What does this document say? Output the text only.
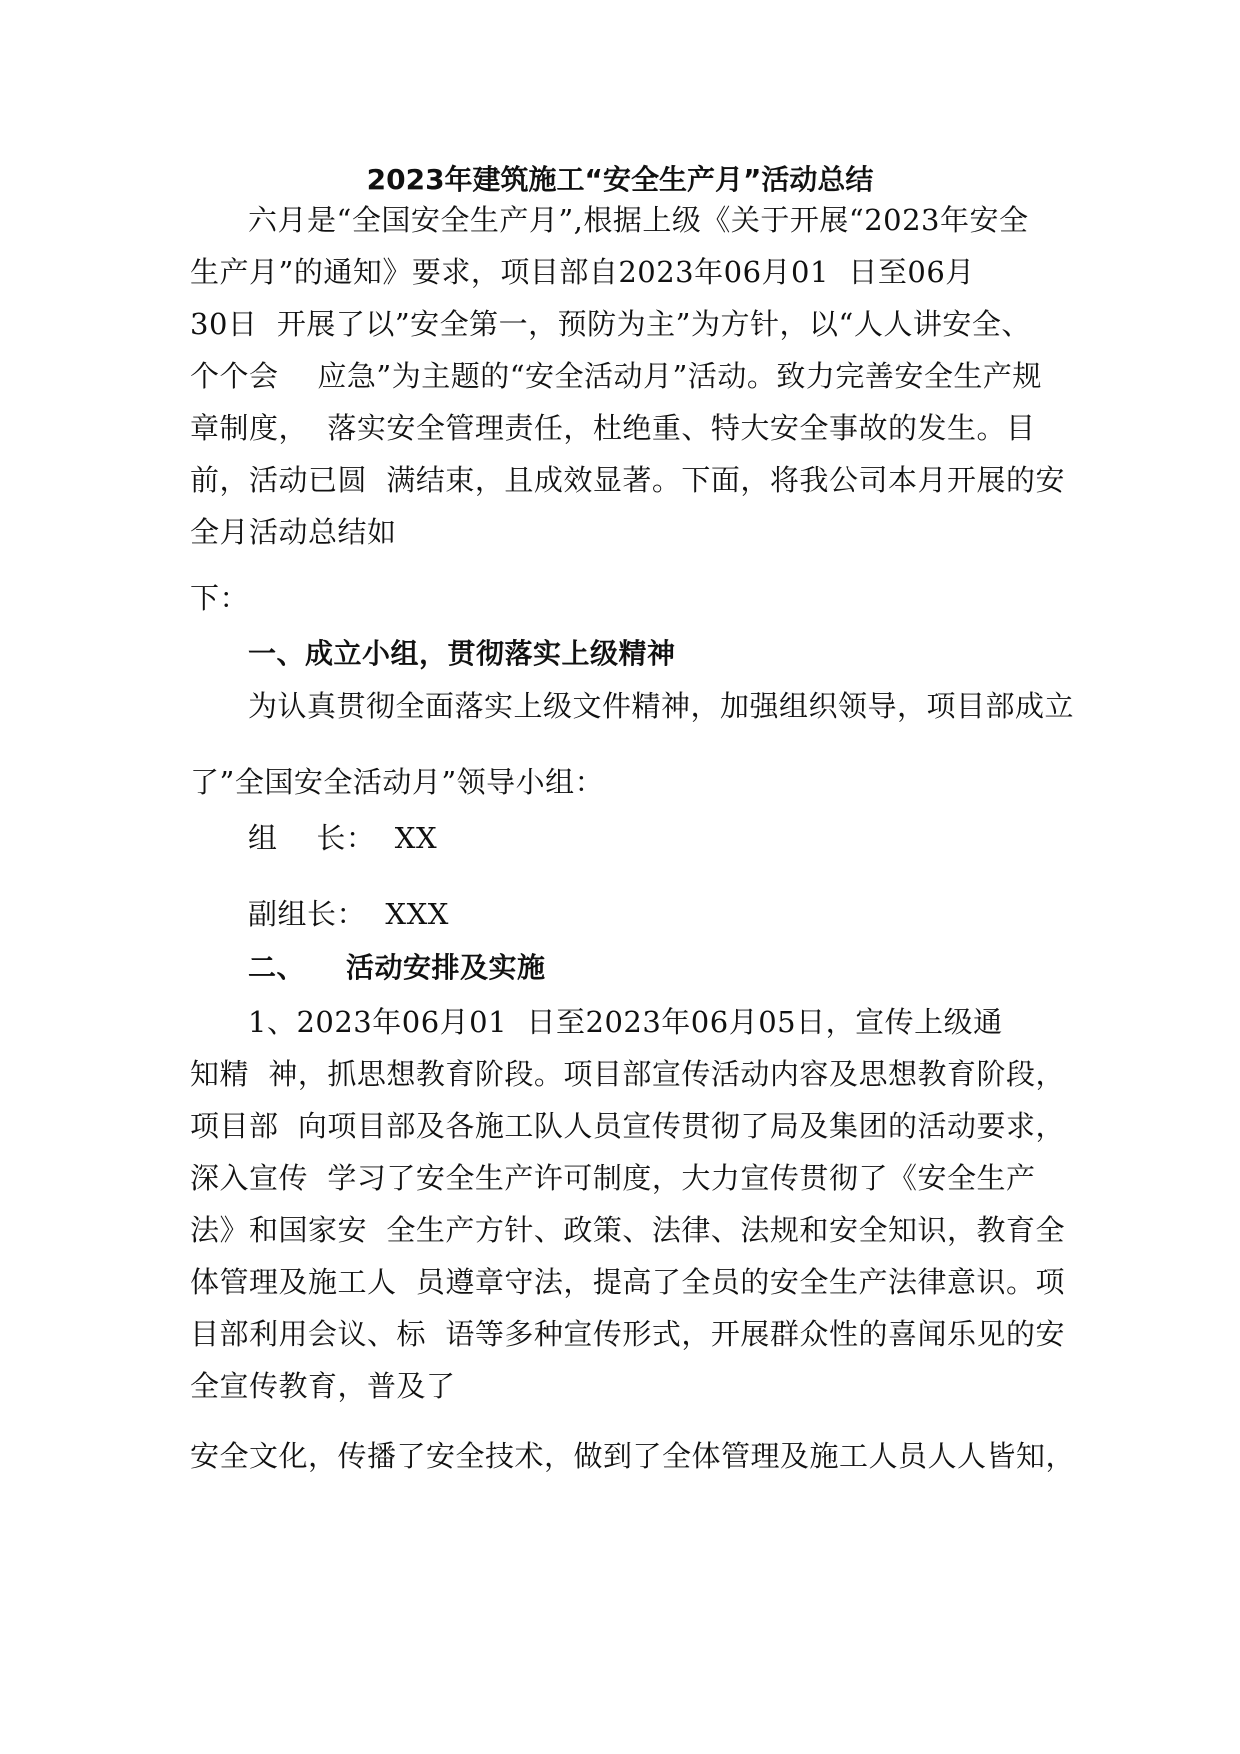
2023年建筑施工“安全生产月”活动总结
六月是“全国安全生产月”,根据上级《关于开展“2023年安全
生产月”的通知》要求，项目部自2023年06月01  日至06月
30日  开展了以”安全第一，预防为主”为方针，以“人人讲安全、
个个会    应急”为主题的“安全活动月”活动。致力完善安全生产规
章制度，  落实安全管理责任，杜绝重、特大安全事故的发生。目
前，活动已圆  满结束，且成效显著。下面，将我公司本月开展的安
全月活动总结如
下：
一、成立小组，贯彻落实上级精神
为认真贯彻全面落实上级文件精神，加强组织领导，项目部成立
了”全国安全活动月”领导小组：
组    长：  XX
副组长：  XXX
二、    活动安排及实施
1、2023年06月01  日至2023年06月05日，宣传上级通
知精  神，抓思想教育阶段。项目部宣传活动内容及思想教育阶段，
项目部  向项目部及各施工队人员宣传贯彻了局及集团的活动要求，
深入宣传  学习了安全生产许可制度，大力宣传贯彻了《安全生产
法》和国家安  全生产方针、政策、法律、法规和安全知识，教育全
体管理及施工人  员遵章守法，提高了全员的安全生产法律意识。项
目部利用会议、标  语等多种宣传形式，开展群众性的喜闻乐见的安
全宣传教育，普及了
安全文化，传播了安全技术，做到了全体管理及施工人员人人皆知，
